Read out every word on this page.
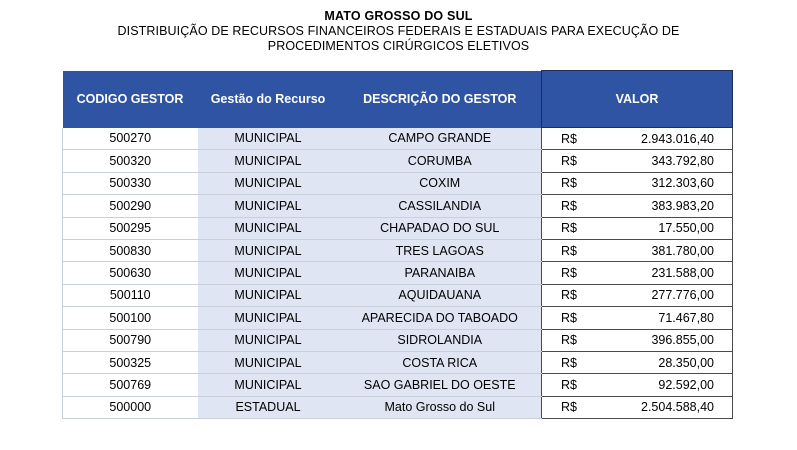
MATO GROSSO DO SUL
DISTRIBUIÇÃO DE RECURSOS FINANCEIROS FEDERAIS E ESTADUAIS PARA EXECUÇÃO DE
PROCEDIMENTOS CIRÚRGICOS ELETIVOS
CODIGO GESTOR	Gestão do Recurso	DESCRIÇÃO DO GESTOR	VALOR
500270	MUNICIPAL	CAMPO GRANDE	R$ 2.943.016,40

500320	MUNICIPAL	CORUMBA	R$ 343.792,80

500330	MUNICIPAL	COXIM	R$ 312.303,60

500290	MUNICIPAL	CASSILANDIA	R$ 383.983,20

500295	MUNICIPAL	CHAPADAO DO SUL	R$ 17.550,00

500830	MUNICIPAL	TRES LAGOAS	R$ 381.780,00

500630	MUNICIPAL	PARANAIBA	R$ 231.588,00

500110	MUNICIPAL	AQUIDAUANA	R$ 277.776,00

500100	MUNICIPAL	APARECIDA DO TABOADO	R$ 71.467,80

500790	MUNICIPAL	SIDROLANDIA	R$ 396.855,00

500325	MUNICIPAL	COSTA RICA	R$ 28.350,00

500769	MUNICIPAL	SAO GABRIEL DO OESTE	R$ 92.592,00

500000	ESTADUAL	Mato Grosso do Sul	R$ 2.504.588,40
